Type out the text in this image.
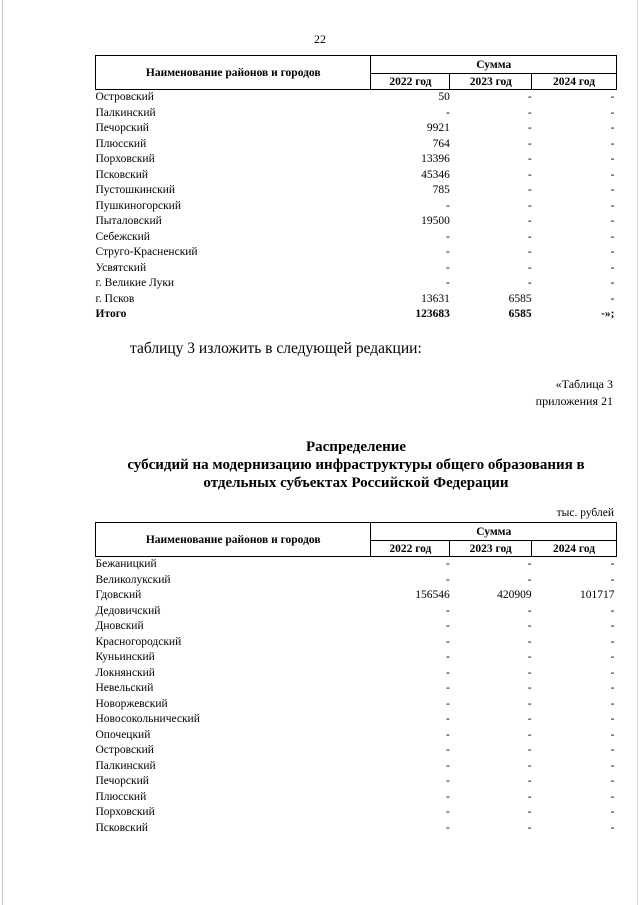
22
Наименование районов и городов	Сумма		
	2022 год	2023 год	2024 год
Островский	50	-	-
Палкинский	-	-	-
Печорский	9921	-	-
Плюсский	764	-	-
Порховский	13396	-	-
Псковский	45346	-	-
Пустошкинский	785	-	-
Пушкиногорский	-	-	-
Пыталовский	19500	-	-
Себежский	-	-	-
Струго-Красненский	-	-	-
Усвятский	-	-	-
г. Великие Луки	-	-	-
г. Псков	13631	6585	-
Итого	123683	6585	-»;
таблицу 3 изложить в следующей редакции:
«Таблица 3
приложения 21
Распределение
субсидий на модернизацию инфраструктуры общего образования в
отдельных субъектах Российской Федерации
тыс. рублей
Наименование районов и городов	Сумма		
	2022 год	2023 год	2024 год
Бежаницкий	-	-	-
Великолукский	-	-	-
Гдовский	156546	420909	101717
Дедовичский	-	-	-
Дновский	-	-	-
Красногородский	-	-	-
Куньинский	-	-	-
Локнянский	-	-	-
Невельский	-	-	-
Новоржевский	-	-	-
Новосокольнический	-	-	-
Опочецкий	-	-	-
Островский	-	-	-
Палкинский	-	-	-
Печорский	-	-	-
Плюсский	-	-	-
Порховский	-	-	-
Псковский	-	-	-
